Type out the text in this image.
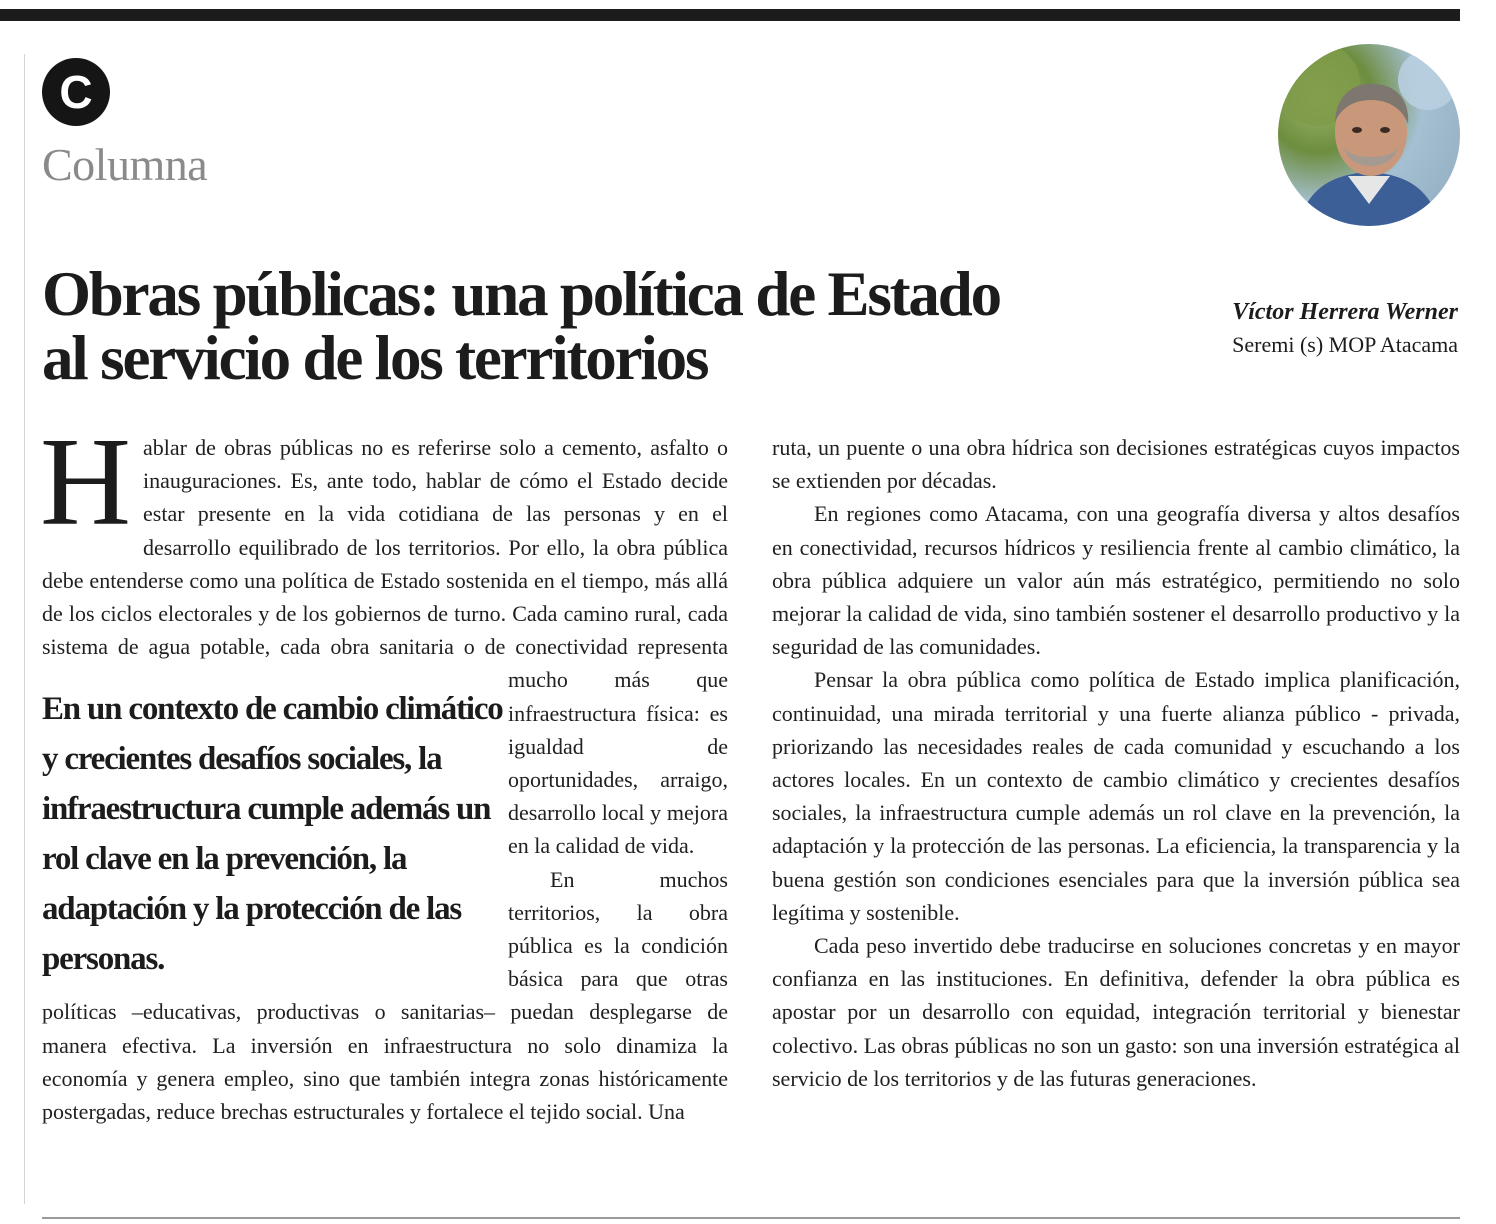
C
Columna
Obras públicas: una política de Estado
al servicio de los territorios
Víctor Herrera Werner
Seremi (s) MOP Atacama
H ablar de obras públicas no es referirse solo a cemento, asfalto o inauguraciones. Es, ante todo, hablar de cómo el Estado decide estar presente en la vida cotidiana de las personas y en el desarrollo equilibrado de los territorios. Por ello, la obra pública debe entenderse como una política de Estado sostenida en el tiempo, más allá de los ciclos electorales y de los gobiernos de turno. Cada camino rural, cada sistema de agua potable, cada obra sanitaria o de conectividad representa mucho más que infraestructura física: es igualdad de oportunidades, arraigo, desarrollo local y mejora en la calidad de vida.

En muchos territorios, la obra pública es la condición básica para que otras políticas –educativas, productivas o sanitarias– puedan desplegarse de manera efectiva. La inversión en infraestructura no solo dinamiza la economía y genera empleo, sino que también integra zonas históricamente postergadas, reduce brechas estructurales y fortalece el tejido social. Una

En un contexto de cambio climático y crecientes desafíos sociales, la infraestructura cumple además un rol clave en la prevención, la adaptación y la protección de las personas.

ruta, un puente o una obra hídrica son decisiones estratégicas cuyos impactos se extienden por décadas.

En regiones como Atacama, con una geografía diversa y altos desafíos en conectividad, recursos hídricos y resiliencia frente al cambio climático, la obra pública adquiere un valor aún más estratégico, permitiendo no solo mejorar la calidad de vida, sino también sostener el desarrollo productivo y la seguridad de las comunidades.

Pensar la obra pública como política de Estado implica planificación, continuidad, una mirada territorial y una fuerte alianza público - privada, priorizando las necesidades reales de cada comunidad y escuchando a los actores locales. En un contexto de cambio climático y crecientes desafíos sociales, la infraestructura cumple además un rol clave en la prevención, la adaptación y la protección de las personas. La eficiencia, la transparencia y la buena gestión son condiciones esenciales para que la inversión pública sea legítima y sostenible.

Cada peso invertido debe traducirse en soluciones concretas y en mayor confianza en las instituciones. En definitiva, defender la obra pública es apostar por un desarrollo con equidad, integración territorial y bienestar colectivo. Las obras públicas no son un gasto: son una inversión estratégica al servicio de los territorios y de las futuras generaciones.
